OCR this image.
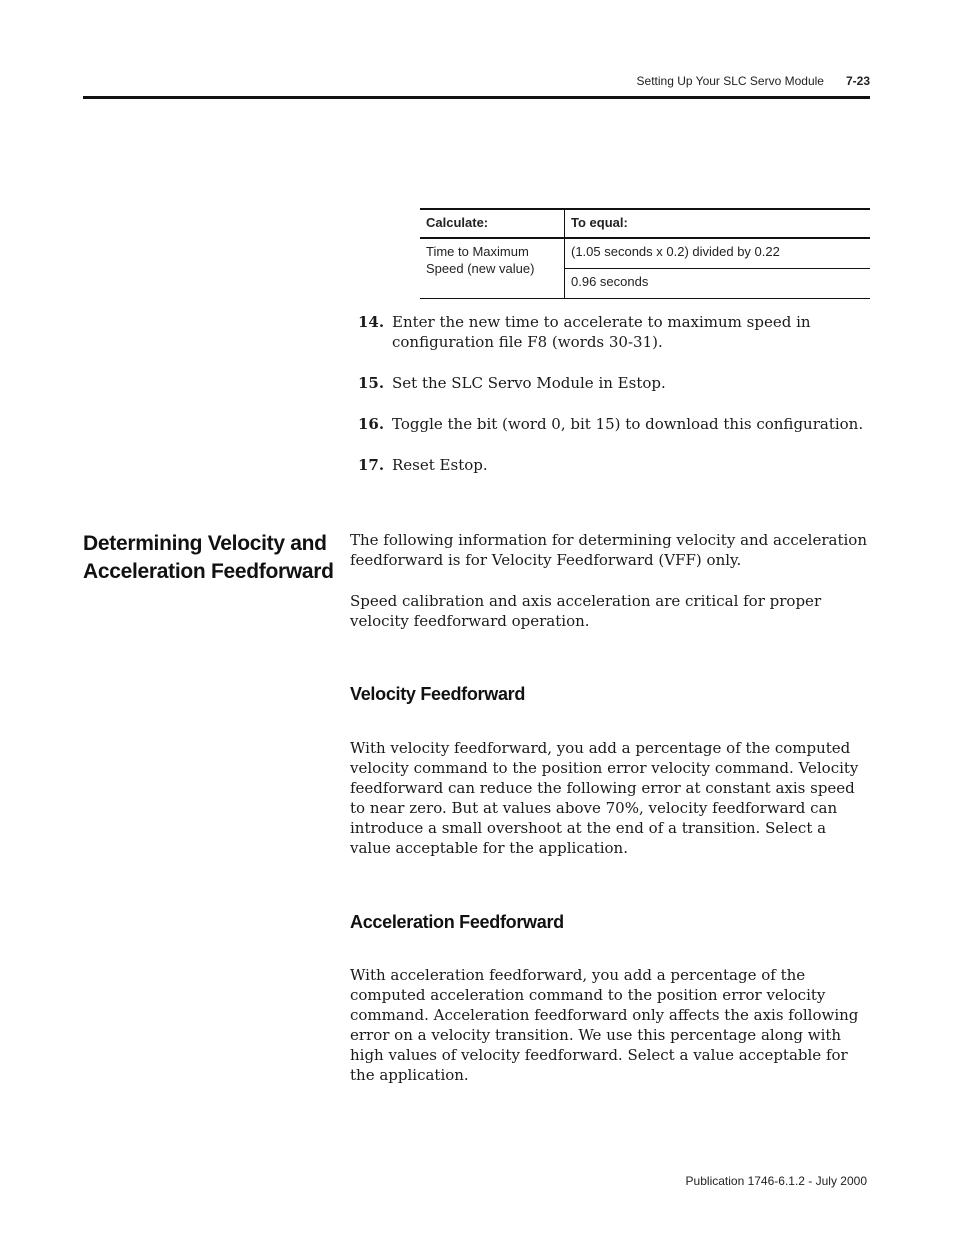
Setting Up Your SLC Servo Module 7-23
Calculate:	To equal:
Time to Maximum Speed (new value)	(1.05 seconds x 0.2) divided by 0.22
	0.96 seconds
14. Enter the new time to accelerate to maximum speed in configuration file F8 (words 30-31).
15. Set the SLC Servo Module in Estop.
16. Toggle the bit (word 0, bit 15) to download this configuration.
17. Reset Estop.
Determining Velocity and Acceleration Feedforward

The following information for determining velocity and acceleration feedforward is for Velocity Feedforward (VFF) only.

Speed calibration and axis acceleration are critical for proper velocity feedforward operation.

Velocity Feedforward

With velocity feedforward, you add a percentage of the computed velocity command to the position error velocity command. Velocity feedforward can reduce the following error at constant axis speed to near zero. But at values above 70%, velocity feedforward can introduce a small overshoot at the end of a transition. Select a value acceptable for the application.

Acceleration Feedforward

With acceleration feedforward, you add a percentage of the computed acceleration command to the position error velocity command. Acceleration feedforward only affects the axis following error on a velocity transition. We use this percentage along with high values of velocity feedforward. Select a value acceptable for the application.

Publication 1746-6.1.2 - July 2000
